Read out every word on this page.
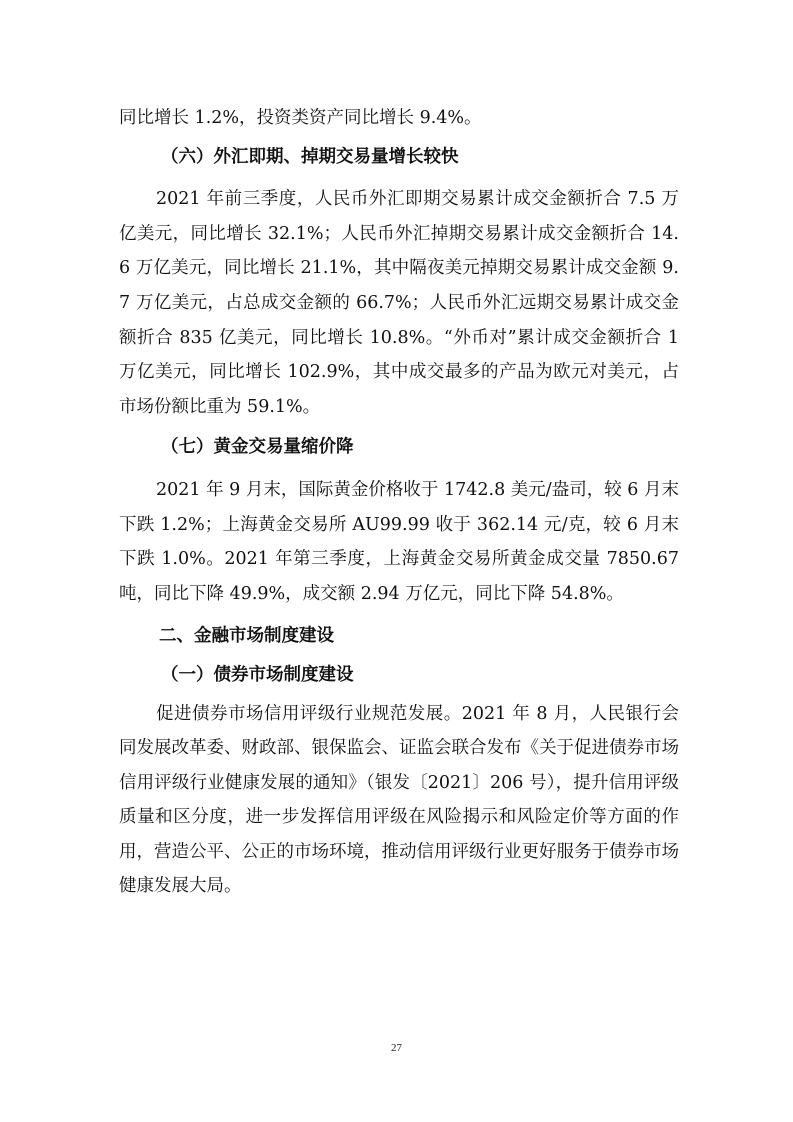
同比增长 1.2%，投资类资产同比增长 9.4%。

（六）外汇即期、掉期交易量增长较快

2021 年前三季度，人民币外汇即期交易累计成交金额折合 7.5 万亿美元，同比增长 32.1%；人民币外汇掉期交易累计成交金额折合 14.6 万亿美元，同比增长 21.1%，其中隔夜美元掉期交易累计成交金额 9.7 万亿美元，占总成交金额的 66.7%；人民币外汇远期交易累计成交金额折合 835 亿美元，同比增长 10.8%。“外币对”累计成交金额折合 1 万亿美元，同比增长 102.9%，其中成交最多的产品为欧元对美元，占市场份额比重为 59.1%。

（七）黄金交易量缩价降

2021 年 9 月末，国际黄金价格收于 1742.8 美元/盎司，较 6 月末下跌 1.2%；上海黄金交易所 AU99.99 收于 362.14 元/克，较 6 月末下跌 1.0%。2021 年第三季度，上海黄金交易所黄金成交量 7850.67 吨，同比下降 49.9%，成交额 2.94 万亿元，同比下降 54.8%。

二、金融市场制度建设

（一）债券市场制度建设

促进债券市场信用评级行业规范发展。2021 年 8 月，人民银行会同发展改革委、财政部、银保监会、证监会联合发布《关于促进债券市场信用评级行业健康发展的通知》（银发〔2021〕206 号），提升信用评级质量和区分度，进一步发挥信用评级在风险揭示和风险定价等方面的作用，营造公平、公正的市场环境，推动信用评级行业更好服务于债券市场健康发展大局。

27
